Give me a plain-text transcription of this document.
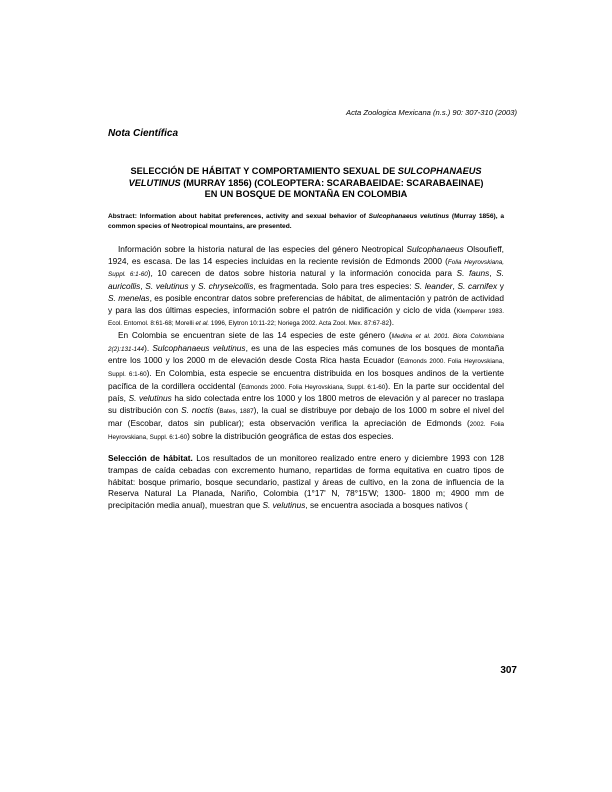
Acta Zoologica Mexicana (n.s.) 90: 307-310 (2003)
Nota Científica
SELECCIÓN DE HÁBITAT Y COMPORTAMIENTO SEXUAL DE SULCOPHANAEUS
VELUTINUS (MURRAY 1856) (COLEOPTERA: SCARABAEIDAE: SCARABAEINAE)
EN UN BOSQUE DE MONTAÑA EN COLOMBIA
Abstract: Information about habitat preferences, activity and sexual behavior of Sulcophanaeus velutinus (Murray 1856), a common species of Neotropical mountains, are presented.

Información sobre la historia natural de las especies del género Neotropical Sulcophanaeus Olsoufieff, 1924, es escasa. De las 14 especies incluidas en la reciente revisión de Edmonds 2000 (Folia Heyrovskiana, Suppl. 6:1-60), 10 carecen de datos sobre historia natural y la información conocida para S. fauns, S. auricollis, S. velutinus y S. chryseicollis, es fragmentada. Solo para tres especies: S. leander, S. carnifex y S. menelas, es posible encontrar datos sobre preferencias de hábitat, de alimentación y patrón de actividad y para las dos últimas especies, información sobre el patrón de nidificación y ciclo de vida (Klemperer 1983. Ecol. Entomol. 8:61-68; Morelli et al. 1996, Elytron 10:11-22; Noriega 2002. Acta Zool. Mex. 87:67-82).

En Colombia se encuentran siete de las 14 especies de este género (Medina et al. 2001. Biota Colombiana 2(2):131-144). Sulcophanaeus velutinus, es una de las especies más comunes de los bosques de montaña entre los 1000 y los 2000 m de elevación desde Costa Rica hasta Ecuador (Edmonds 2000. Folia Heyrovskiana, Suppl. 6:1-60). En Colombia, esta especie se encuentra distribuida en los bosques andinos de la vertiente pacífica de la cordillera occidental (Edmonds 2000. Folia Heyrovskiana, Suppl. 6:1-60). En la parte sur occidental del país, S. velutinus ha sido colectada entre los 1000 y los 1800 metros de elevación y al parecer no traslapa su distribución con S. noctis (Bates, 1887), la cual se distribuye por debajo de los 1000 m sobre el nivel del mar (Escobar, datos sin publicar); esta observación verifica la apreciación de Edmonds (2002. Folia Heyrovskiana, Suppl. 6:1-60) sobre la distribución geográfica de estas dos especies.

Selección de hábitat. Los resultados de un monitoreo realizado entre enero y diciembre 1993 con 128 trampas de caída cebadas con excremento humano, repartidas de forma equitativa en cuatro tipos de hábitat: bosque primario, bosque secundario, pastizal y áreas de cultivo, en la zona de influencia de la Reserva Natural La Planada, Nariño, Colombia (1°17' N, 78°15'W; 1300- 1800 m; 4900 mm de precipitación media anual), muestran que S. velutinus, se encuentra asociada a bosques nativos (

307
